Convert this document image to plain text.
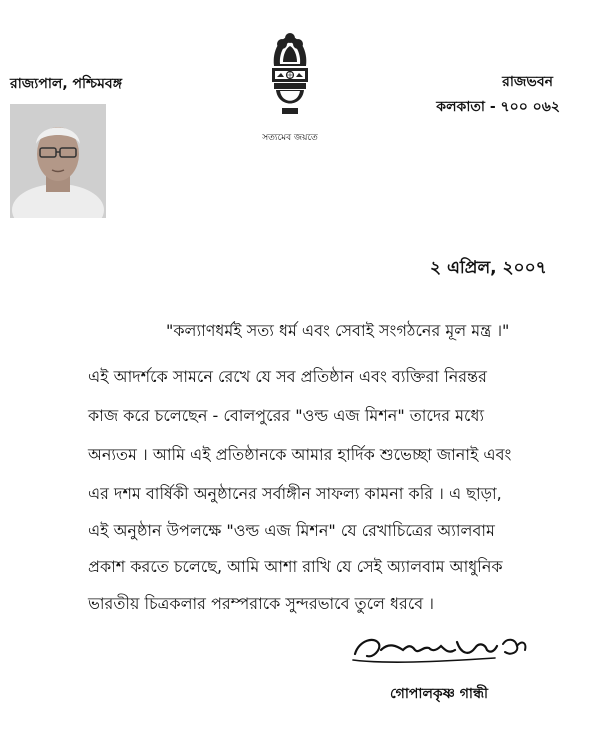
সত্যমেব জয়তে
রাজ্যপাল, পশ্চিমবঙ্গ	রাজভবন
কলকাতা - ৭০০ ০৬২
২ এপ্রিল, ২০০৭
"কল্যাণধর্মই সত্য ধর্ম এবং সেবাই সংগঠনের মূল মন্ত্র ।"
এই আদর্শকে সামনে রেখে যে সব প্রতিষ্ঠান এবং ব্যক্তিরা নিরন্তর
কাজ করে চলেছেন - বোলপুরের "ওল্ড এজ মিশন" তাদের মধ্যে
অন্যতম । আমি এই প্রতিষ্ঠানকে আমার হার্দিক শুভেচ্ছা জানাই এবং
এর দশম বার্ষিকী অনুষ্ঠানের সর্বাঙ্গীন সাফল্য কামনা করি । এ ছাড়া,
এই অনুষ্ঠান উপলক্ষে "ওল্ড এজ মিশন" যে রেখাচিত্রের অ্যালবাম
প্রকাশ করতে চলেছে, আমি আশা রাখি যে সেই অ্যালবাম আধুনিক
ভারতীয় চিত্রকলার পরম্পরাকে সুন্দরভাবে তুলে ধরবে ।
গোপালকৃষ্ণ গান্ধী
